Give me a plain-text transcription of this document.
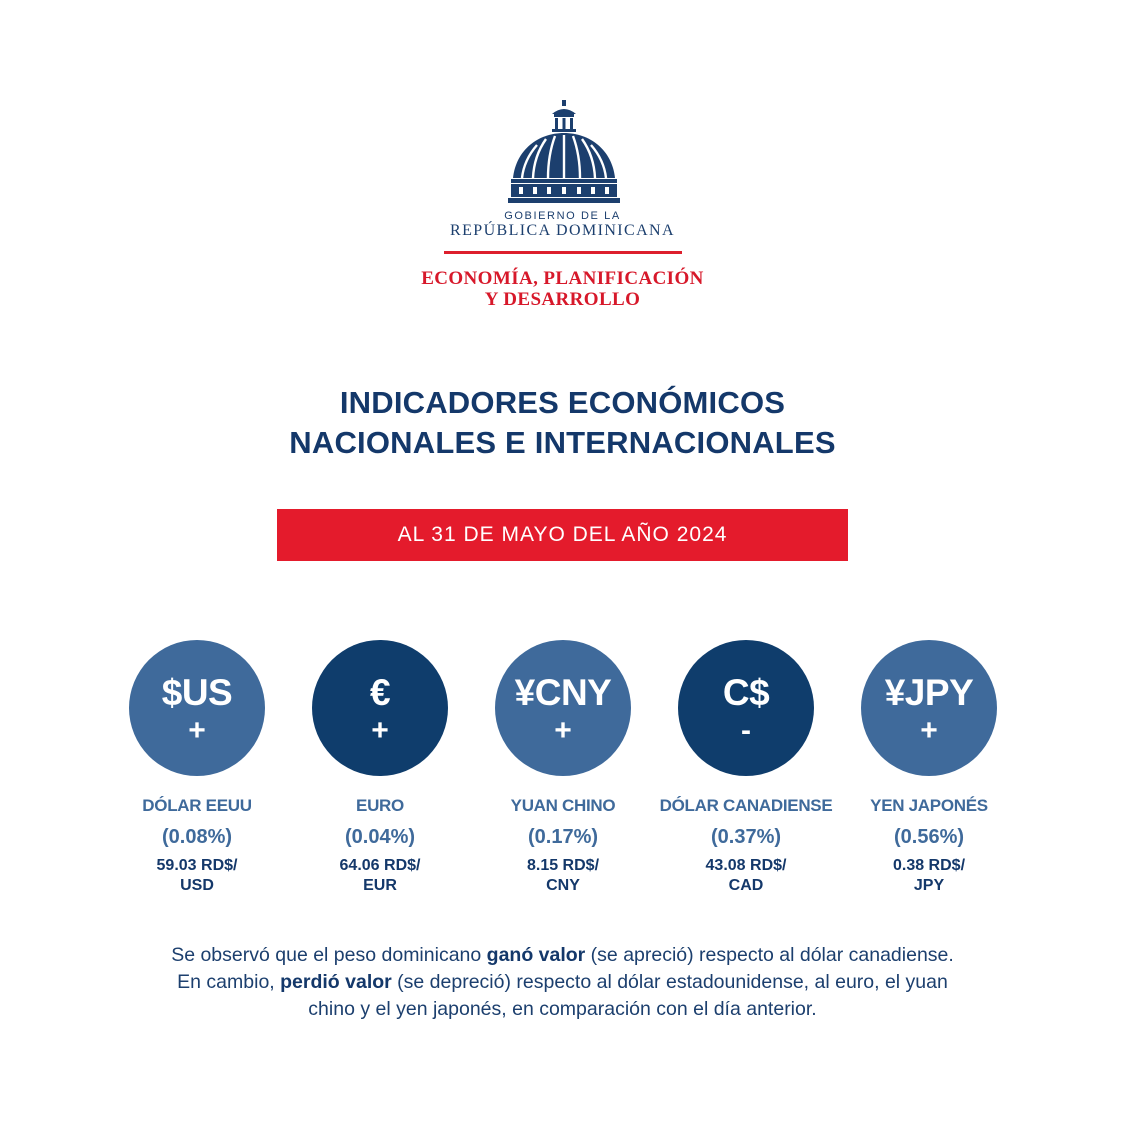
GOBIERNO DE LA
REPÚBLICA DOMINICANA
ECONOMÍA, PLANIFICACIÓN
Y DESARROLLO
INDICADORES ECONÓMICOS
NACIONALES E INTERNACIONALES
AL 31 DE MAYO DEL AÑO 2024
$US
+
DÓLAR EEUU
(0.08%)
59.03 RD$/
USD
€
+
EURO
(0.04%)
64.06 RD$/
EUR
¥CNY
+
YUAN CHINO
(0.17%)
8.15 RD$/
CNY
C$
-
DÓLAR CANADIENSE
(0.37%)
43.08 RD$/
CAD
¥JPY
+
YEN JAPONÉS
(0.56%)
0.38 RD$/
JPY
Se observó que el peso dominicano ganó valor (se apreció) respecto al dólar canadiense. En cambio, perdió valor (se depreció) respecto al dólar estadounidense, al euro, el yuan chino y el yen japonés, en comparación con el día anterior.
